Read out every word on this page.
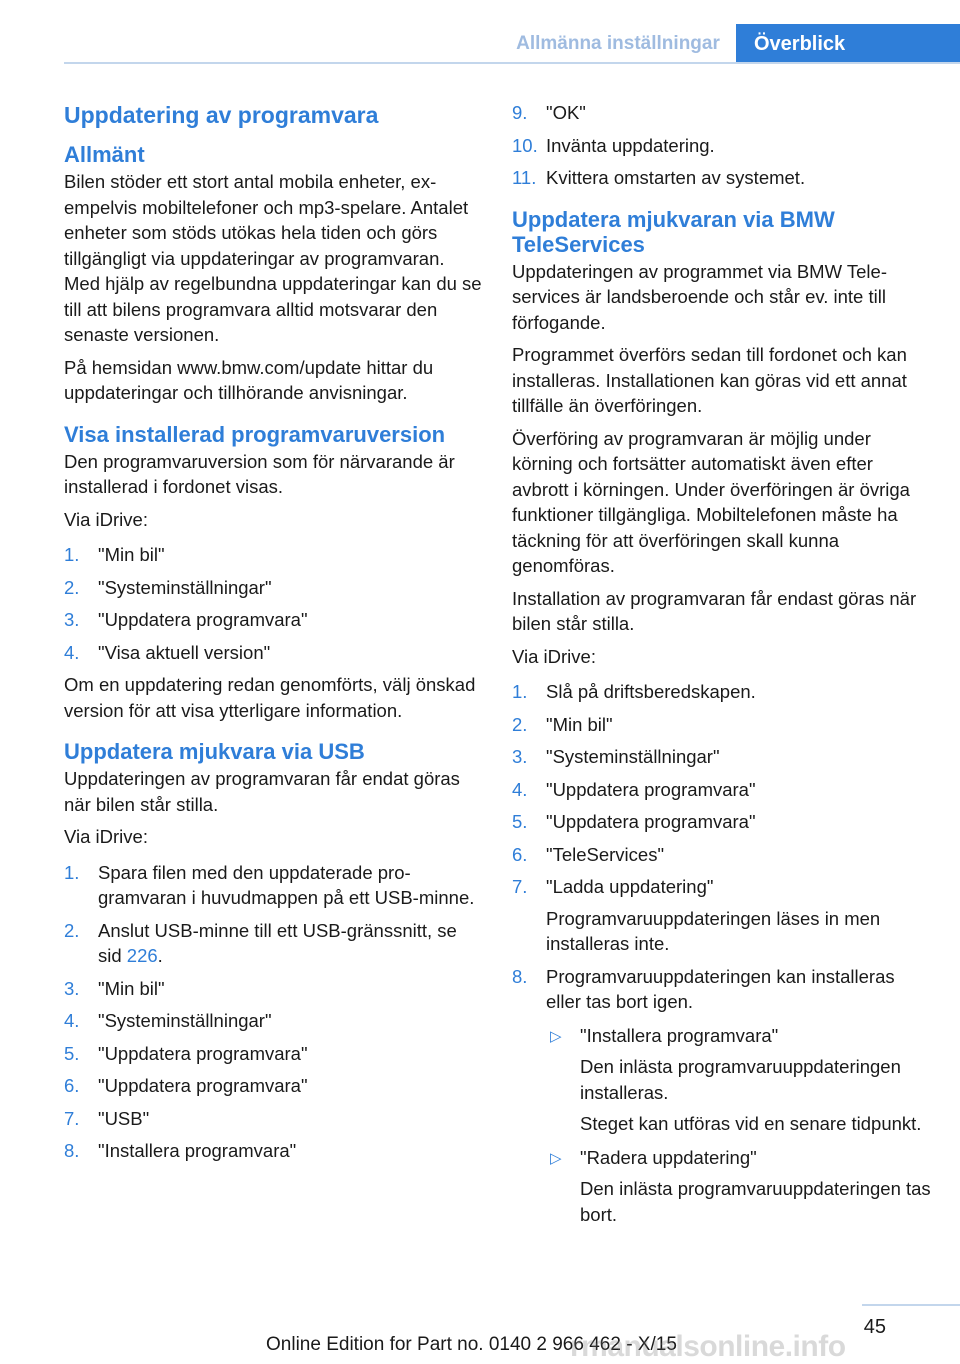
Allmänna inställningar	Överblick
Uppdatering av programvara
Allmänt

Bilen stöder ett stort antal mobila enheter, exempelvis mobiltelefoner och mp3-spelare. Antalet enheter som stöds utökas hela tiden och görs tillgängligt via uppdateringar av programvaran. Med hjälp av regelbundna uppdateringar kan du se till att bilens programvara alltid motsvarar den senaste versionen.

På hemsidan www.bmw.com/update hittar du uppdateringar och tillhörande anvisningar.

Visa installerad programvaruversion

Den programvaruversion som för närvarande är installerad i fordonet visas.

Via iDrive:

1. "Min bil"
2. "Systeminställningar"
3. "Uppdatera programvara"
4. "Visa aktuell version"

Om en uppdatering redan genomförts, välj önskad version för att visa ytterligare information.

Uppdatera mjukvara via USB

Uppdateringen av programvaran får endat göras när bilen står stilla.

Via iDrive:

1. Spara filen med den uppdaterade programvaran i huvudmappen på ett USB-minne.
2. Anslut USB-minne till ett USB-gränssnitt, se sid 226.
3. "Min bil"
4. "Systeminställningar"
5. "Uppdatera programvara"
6. "Uppdatera programvara"
7. "USB"
8. "Installera programvara"
9. "OK"
10. Invänta uppdatering.
11. Kvittera omstarten av systemet.
Uppdatera mjukvaran via BMW TeleServices

Uppdateringen av programmet via BMW Teleservices är landsberoende och står ev. inte till förfogande.

Programmet överförs sedan till fordonet och kan installeras. Installationen kan göras vid ett annat tillfälle än överföringen.

Överföring av programvaran är möjlig under körning och fortsätter automatiskt även efter avbrott i körningen. Under överföringen är övriga funktioner tillgängliga. Mobiltelefonen måste ha täckning för att överföringen skall kunna genomföras.

Installation av programvaran får endast göras när bilen står stilla.

Via iDrive:

1. Slå på driftsberedskapen.
2. "Min bil"
3. "Systeminställningar"
4. "Uppdatera programvara"
5. "Uppdatera programvara"
6. "TeleServices"
7. "Ladda uppdatering"
Programvaruuppdateringen läses in men installeras inte.
8. Programvaruuppdateringen kan installeras eller tas bort igen.
▷ "Installera programvara"
Den inlästa programvaruuppdateringen installeras.
Steget kan utföras vid en senare tidpunkt.
▷ "Radera uppdatering"
Den inlästa programvaruuppdateringen tas bort.
45
Online Edition for Part no. 0140 2 966 462 - X/15
rmanualsonline.info
